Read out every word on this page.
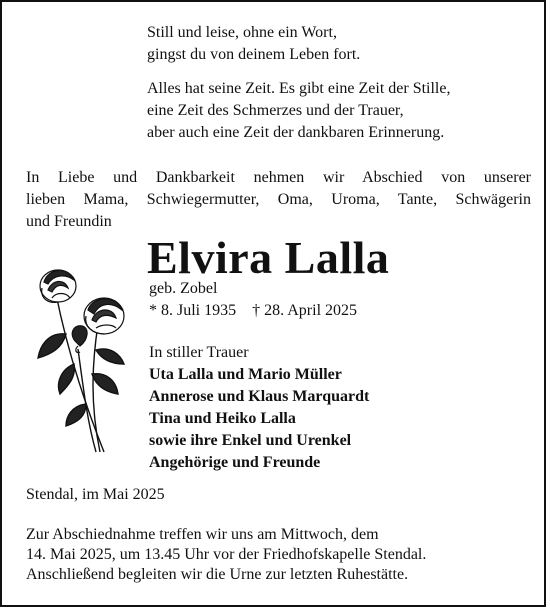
Still und leise, ohne ein Wort,
gingst du von deinem Leben fort.

Alles hat seine Zeit. Es gibt eine Zeit der Stille,
eine Zeit des Schmerzes und der Trauer,
aber auch eine Zeit der dankbaren Erinnerung.

In Liebe und Dankbarkeit nehmen wir Abschied von unserer
lieben Mama, Schwiegermutter, Oma, Uroma, Tante, Schwägerin
und Freundin
Elvira Lalla
geb. Zobel
* 8. Juli 1935    † 28. April 2025
In stiller Trauer
Uta Lalla und Mario Müller
Annerose und Klaus Marquardt
Tina und Heiko Lalla
sowie ihre Enkel und Urenkel
Angehörige und Freunde
Stendal, im Mai 2025
Zur Abschiednahme treffen wir uns am Mittwoch, dem
14. Mai 2025, um 13.45 Uhr vor der Friedhofskapelle Stendal.
Anschließend begleiten wir die Urne zur letzten Ruhestätte.
